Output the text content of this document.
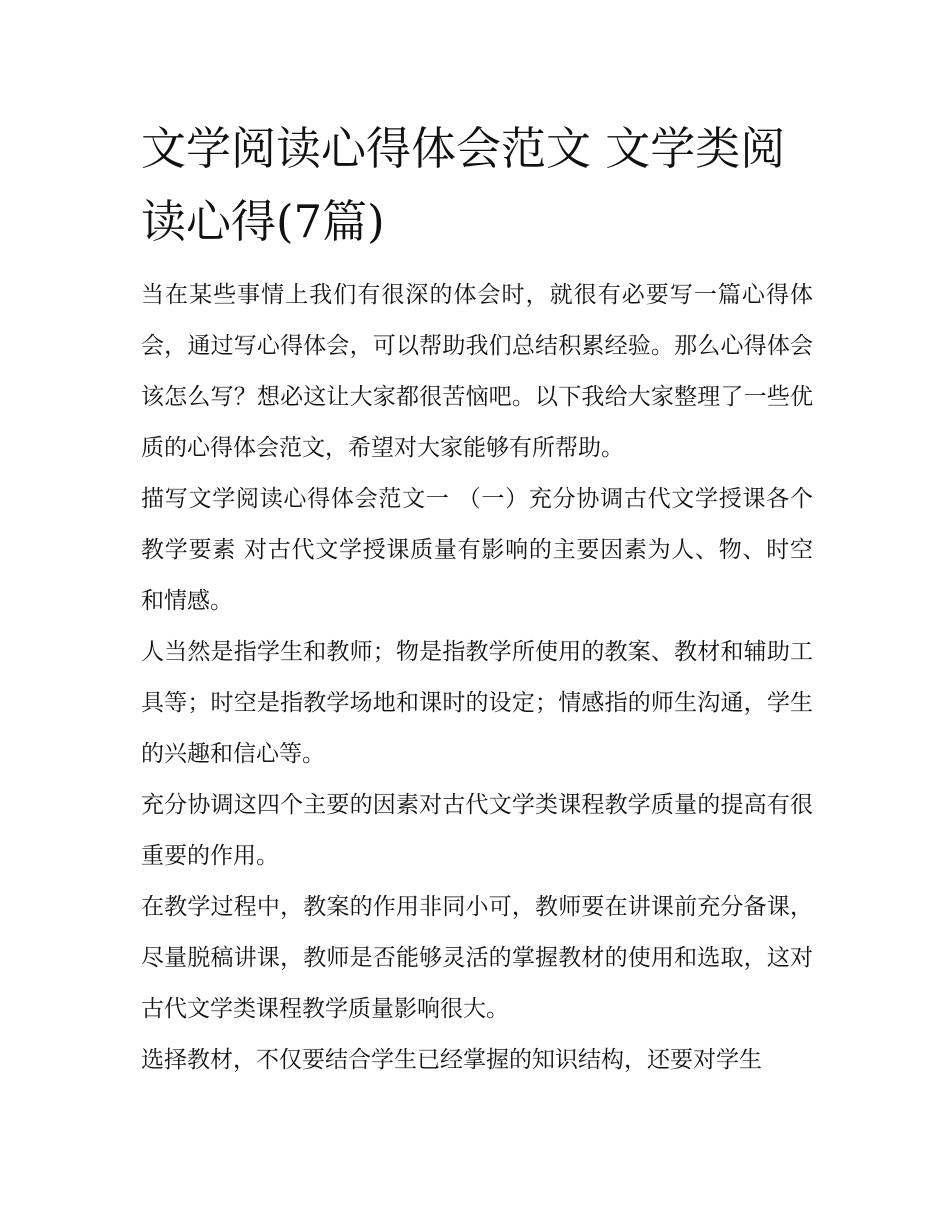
文学阅读心得体会范文 文学类阅读心得(7篇)

当在某些事情上我们有很深的体会时，就很有必要写一篇心得体会，通过写心得体会，可以帮助我们总结积累经验。那么心得体会该怎么写？想必这让大家都很苦恼吧。以下我给大家整理了一些优质的心得体会范文，希望对大家能够有所帮助。

描写文学阅读心得体会范文一 （一）充分协调古代文学授课各个教学要素 对古代文学授课质量有影响的主要因素为人、物、时空和情感。

人当然是指学生和教师；物是指教学所使用的教案、教材和辅助工具等；时空是指教学场地和课时的设定；情感指的师生沟通，学生的兴趣和信心等。

充分协调这四个主要的因素对古代文学类课程教学质量的提高有很重要的作用。

在教学过程中，教案的作用非同小可，教师要在讲课前充分备课，尽量脱稿讲课，教师是否能够灵活的掌握教材的使用和选取，这对古代文学类课程教学质量影响很大。

选择教材，不仅要结合学生已经掌握的知识结构，还要对学生
